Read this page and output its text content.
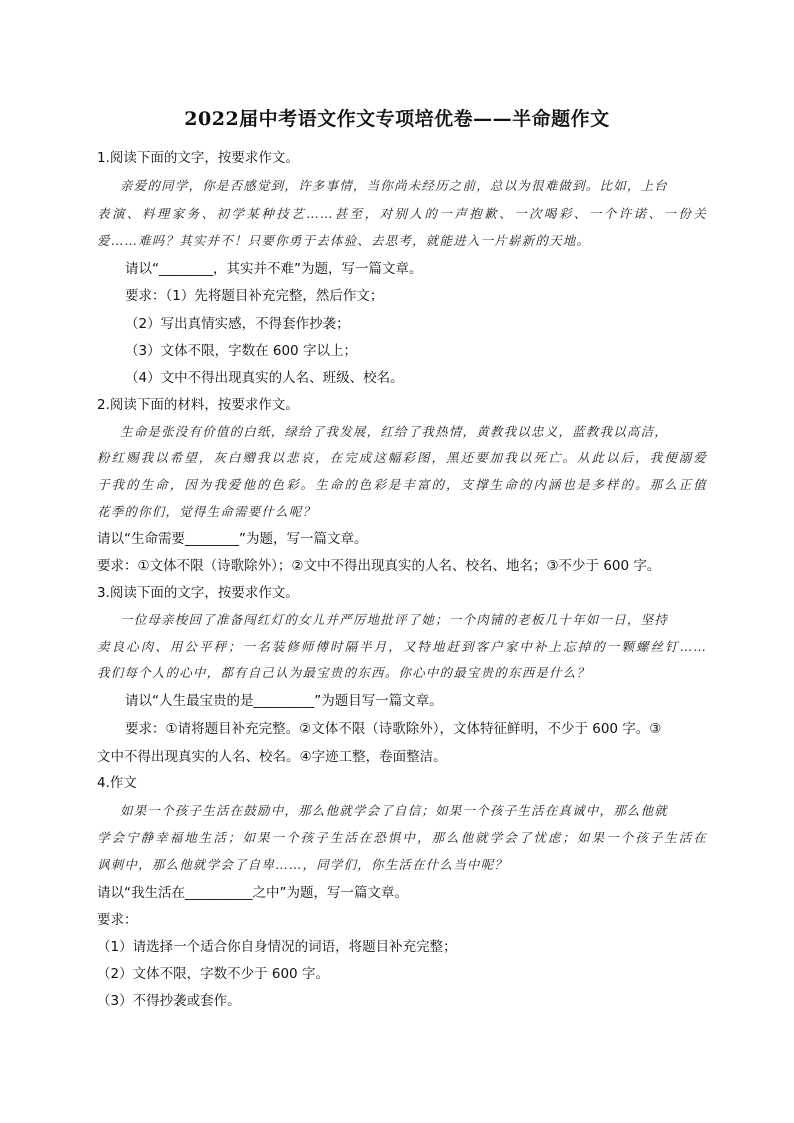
2022届中考语文作文专项培优卷——半命题作文
1.阅读下面的文字，按要求作文。
亲爱的同学，你是否感觉到，许多事情，当你尚未经历之前，总以为很难做到。比如，上台
表演、料理家务、初学某种技艺……甚至，对别人的一声抱歉、一次喝彩、一个许诺、一份关
爱……难吗？其实并不！只要你勇于去体验、去思考，就能进入一片崭新的天地。
请以“________，其实并不难”为题，写一篇文章。
要求：（1）先将题目补充完整，然后作文；
（2）写出真情实感，不得套作抄袭；
（3）文体不限，字数在 600 字以上；
（4）文中不得出现真实的人名、班级、校名。
2.阅读下面的材料，按要求作文。
生命是张没有价值的白纸，绿给了我发展，红给了我热情，黄教我以忠义，蓝教我以高洁，
粉红赐我以希望，灰白赠我以悲哀，在完成这幅彩图，黑还要加我以死亡。从此以后，我便溺爱
于我的生命，因为我爱他的色彩。生命的色彩是丰富的，支撑生命的内涵也是多样的。那么正值
花季的你们，觉得生命需要什么呢？
请以“生命需要________”为题，写一篇文章。
要求：①文体不限（诗歌除外）；②文中不得出现真实的人名、校名、地名；③不少于 600 字。
3.阅读下面的文字，按要求作文。
一位母亲梭回了准备闯红灯的女儿并严厉地批评了她；一个肉铺的老板几十年如一日，坚持
卖良心肉、用公平秤；一名装修师傅时隔半月，又特地赶到客户家中补上忘掉的一颗螺丝钉……
我们每个人的心中，都有自己认为最宝贵的东西。你心中的最宝贵的东西是什么？
请以“人生最宝贵的是_________”为题目写一篇文章。
要求：①请将题目补充完整。②文体不限（诗歌除外），文体特征鲜明，不少于 600 字。③
文中不得出现真实的人名、校名。④字迹工整，卷面整洁。
4.作文
如果一个孩子生活在鼓励中，那么他就学会了自信；如果一个孩子生活在真诚中，那么他就
学会宁静幸福地生活；如果一个孩子生活在恐惧中，那么他就学会了忧虑；如果一个孩子生活在
讽刺中，那么他就学会了自卑……，同学们，你生活在什么当中呢？
请以“我生活在__________之中”为题，写一篇文章。
要求：
（1）请选择一个适合你自身情况的词语，将题目补充完整；
（2）文体不限，字数不少于 600 字。
（3）不得抄袭或套作。
